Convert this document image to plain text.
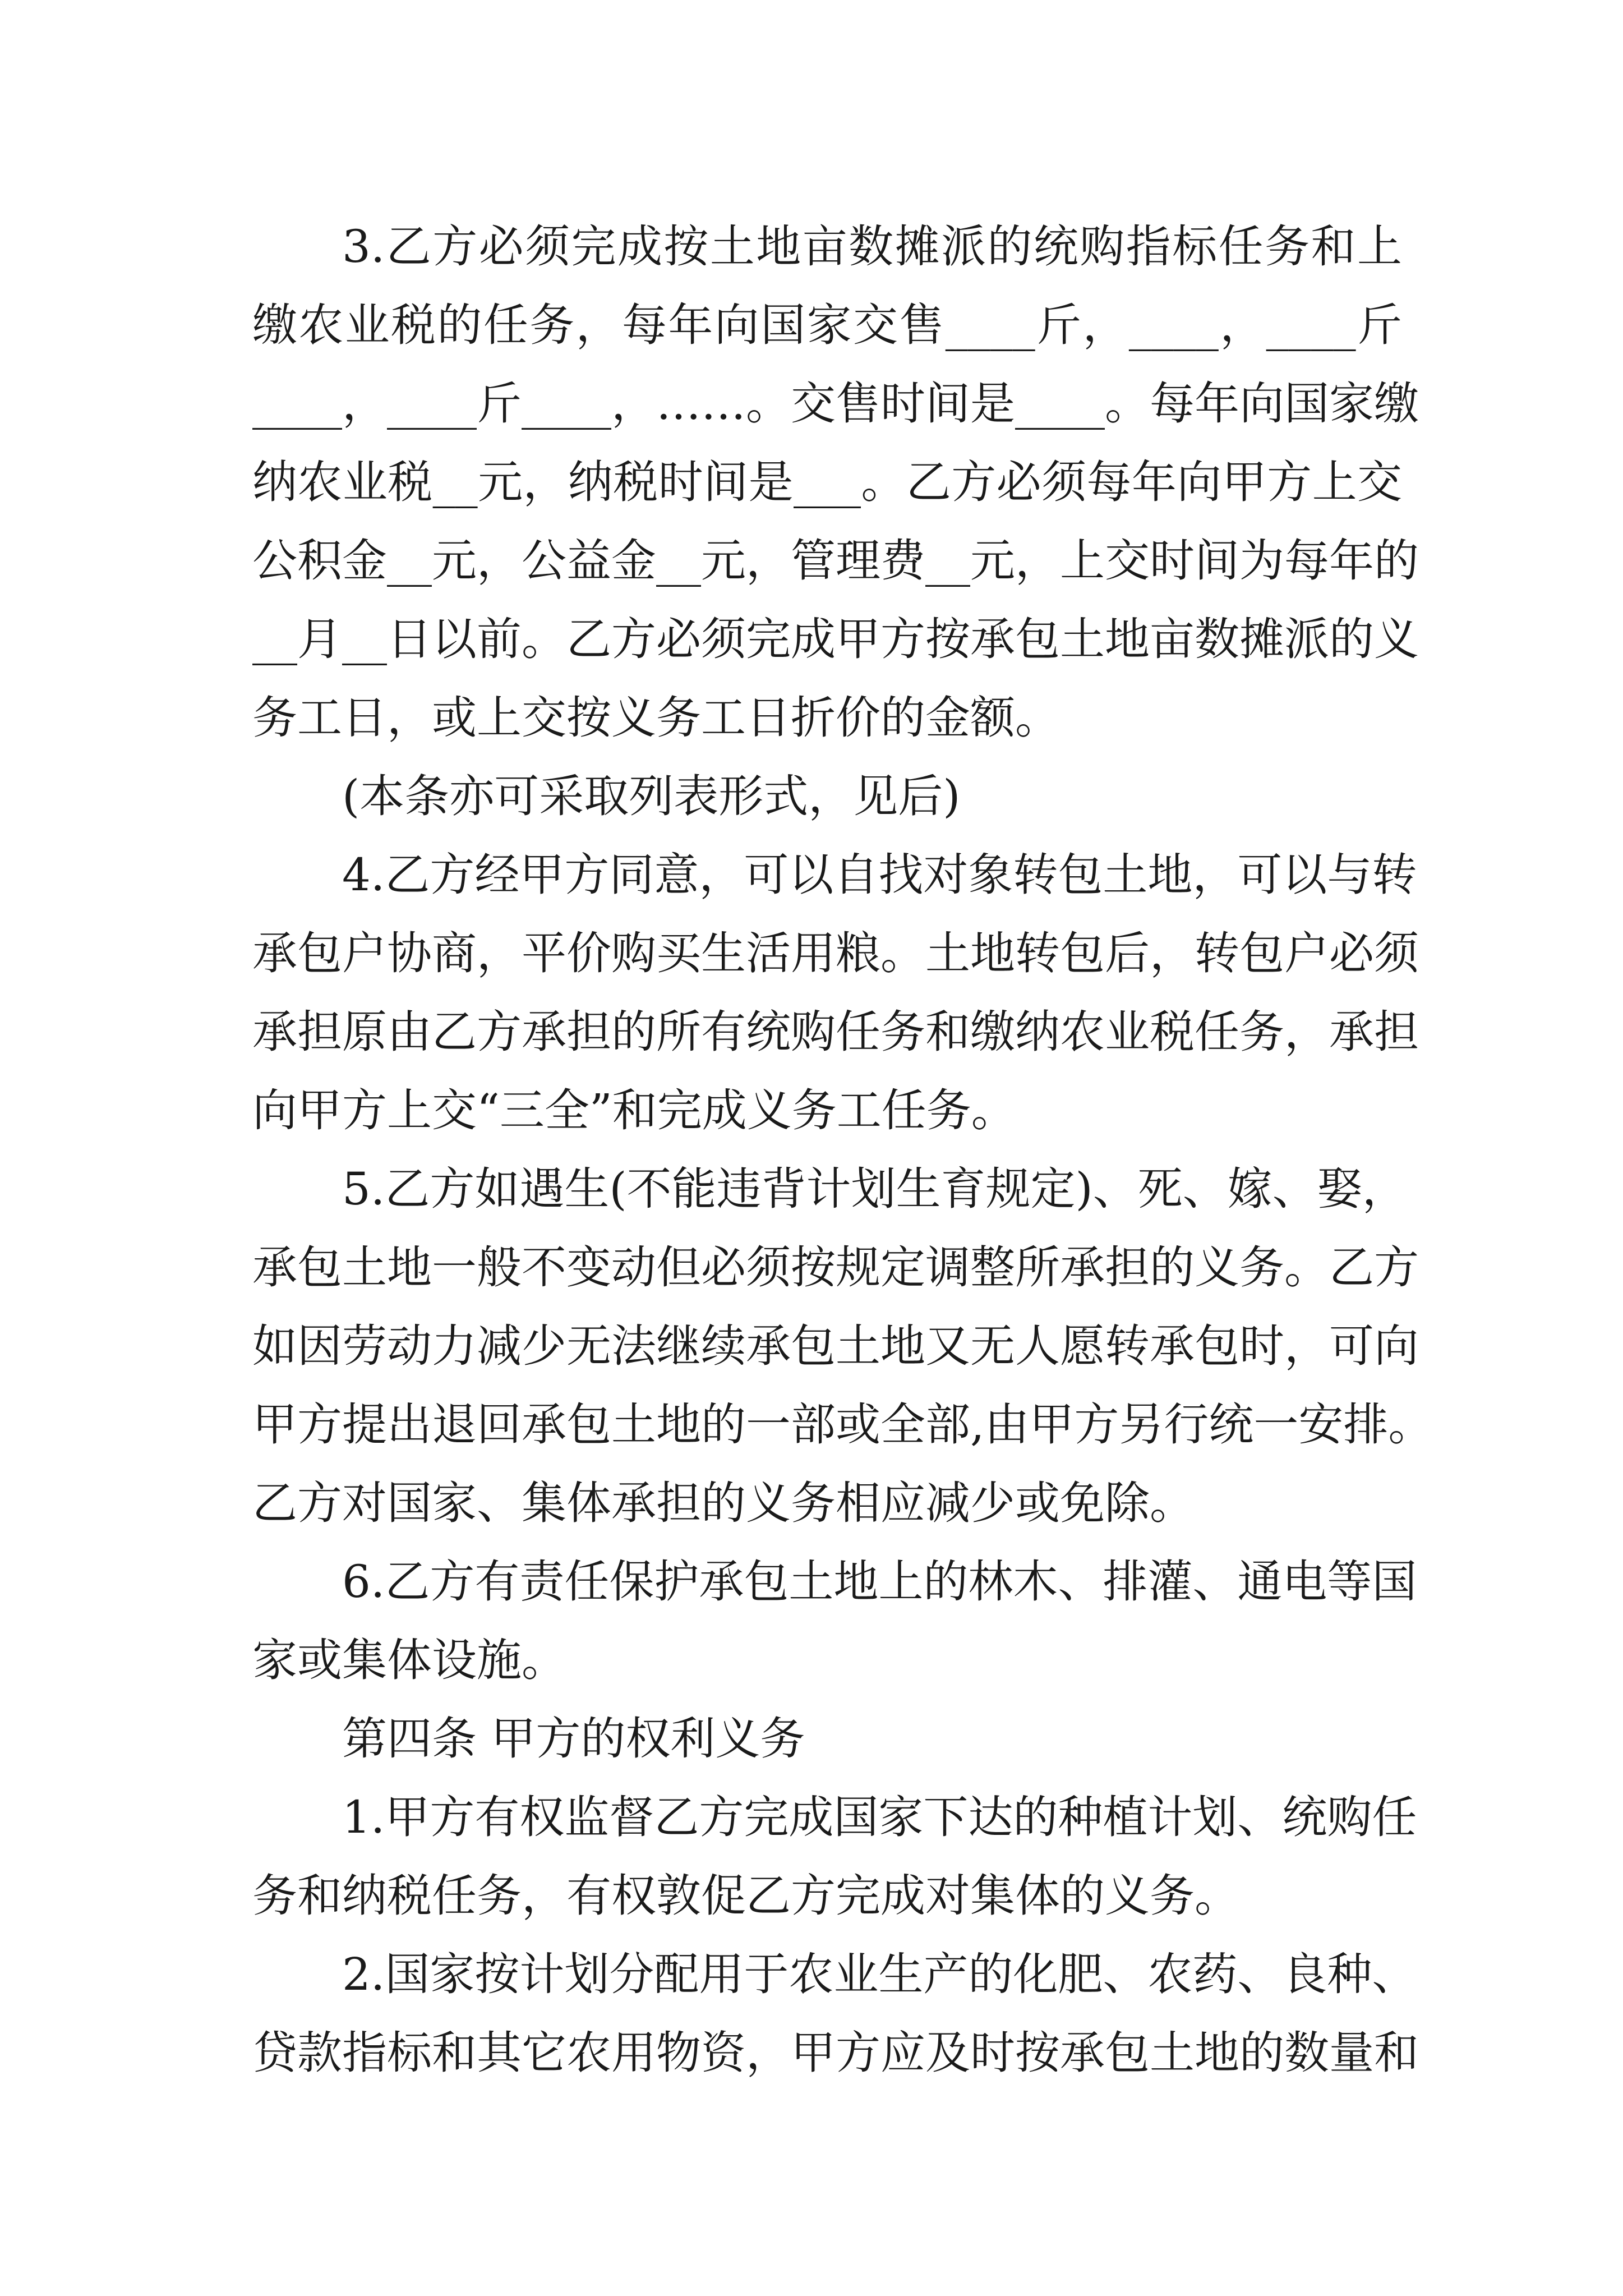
3.乙方必须完成按土地亩数摊派的统购指标任务和上
缴农业税的任务，每年向国家交售____斤，____，____斤
____，____斤____，……。交售时间是____。每年向国家缴
纳农业税__元，纳税时间是___。乙方必须每年向甲方上交
公积金__元，公益金__元，管理费__元，上交时间为每年的
__月__日以前。乙方必须完成甲方按承包土地亩数摊派的义
务工日，或上交按义务工日折价的金额。
(本条亦可采取列表形式，见后)
4.乙方经甲方同意，可以自找对象转包土地，可以与转
承包户协商，平价购买生活用粮。土地转包后，转包户必须
承担原由乙方承担的所有统购任务和缴纳农业税任务，承担
向甲方上交“三全”和完成义务工任务。
5.乙方如遇生(不能违背计划生育规定)、死、嫁、娶，
承包土地一般不变动但必须按规定调整所承担的义务。乙方
如因劳动力减少无法继续承包土地又无人愿转承包时，可向
甲方提出退回承包土地的一部或全部,由甲方另行统一安排。
乙方对国家、集体承担的义务相应减少或免除。
6.乙方有责任保护承包土地上的林木、排灌、通电等国
家或集体设施。
第四条 甲方的权利义务
1.甲方有权监督乙方完成国家下达的种植计划、统购任
务和纳税任务，有权敦促乙方完成对集体的义务。
2.国家按计划分配用于农业生产的化肥、农药、良种、
贷款指标和其它农用物资，甲方应及时按承包土地的数量和
